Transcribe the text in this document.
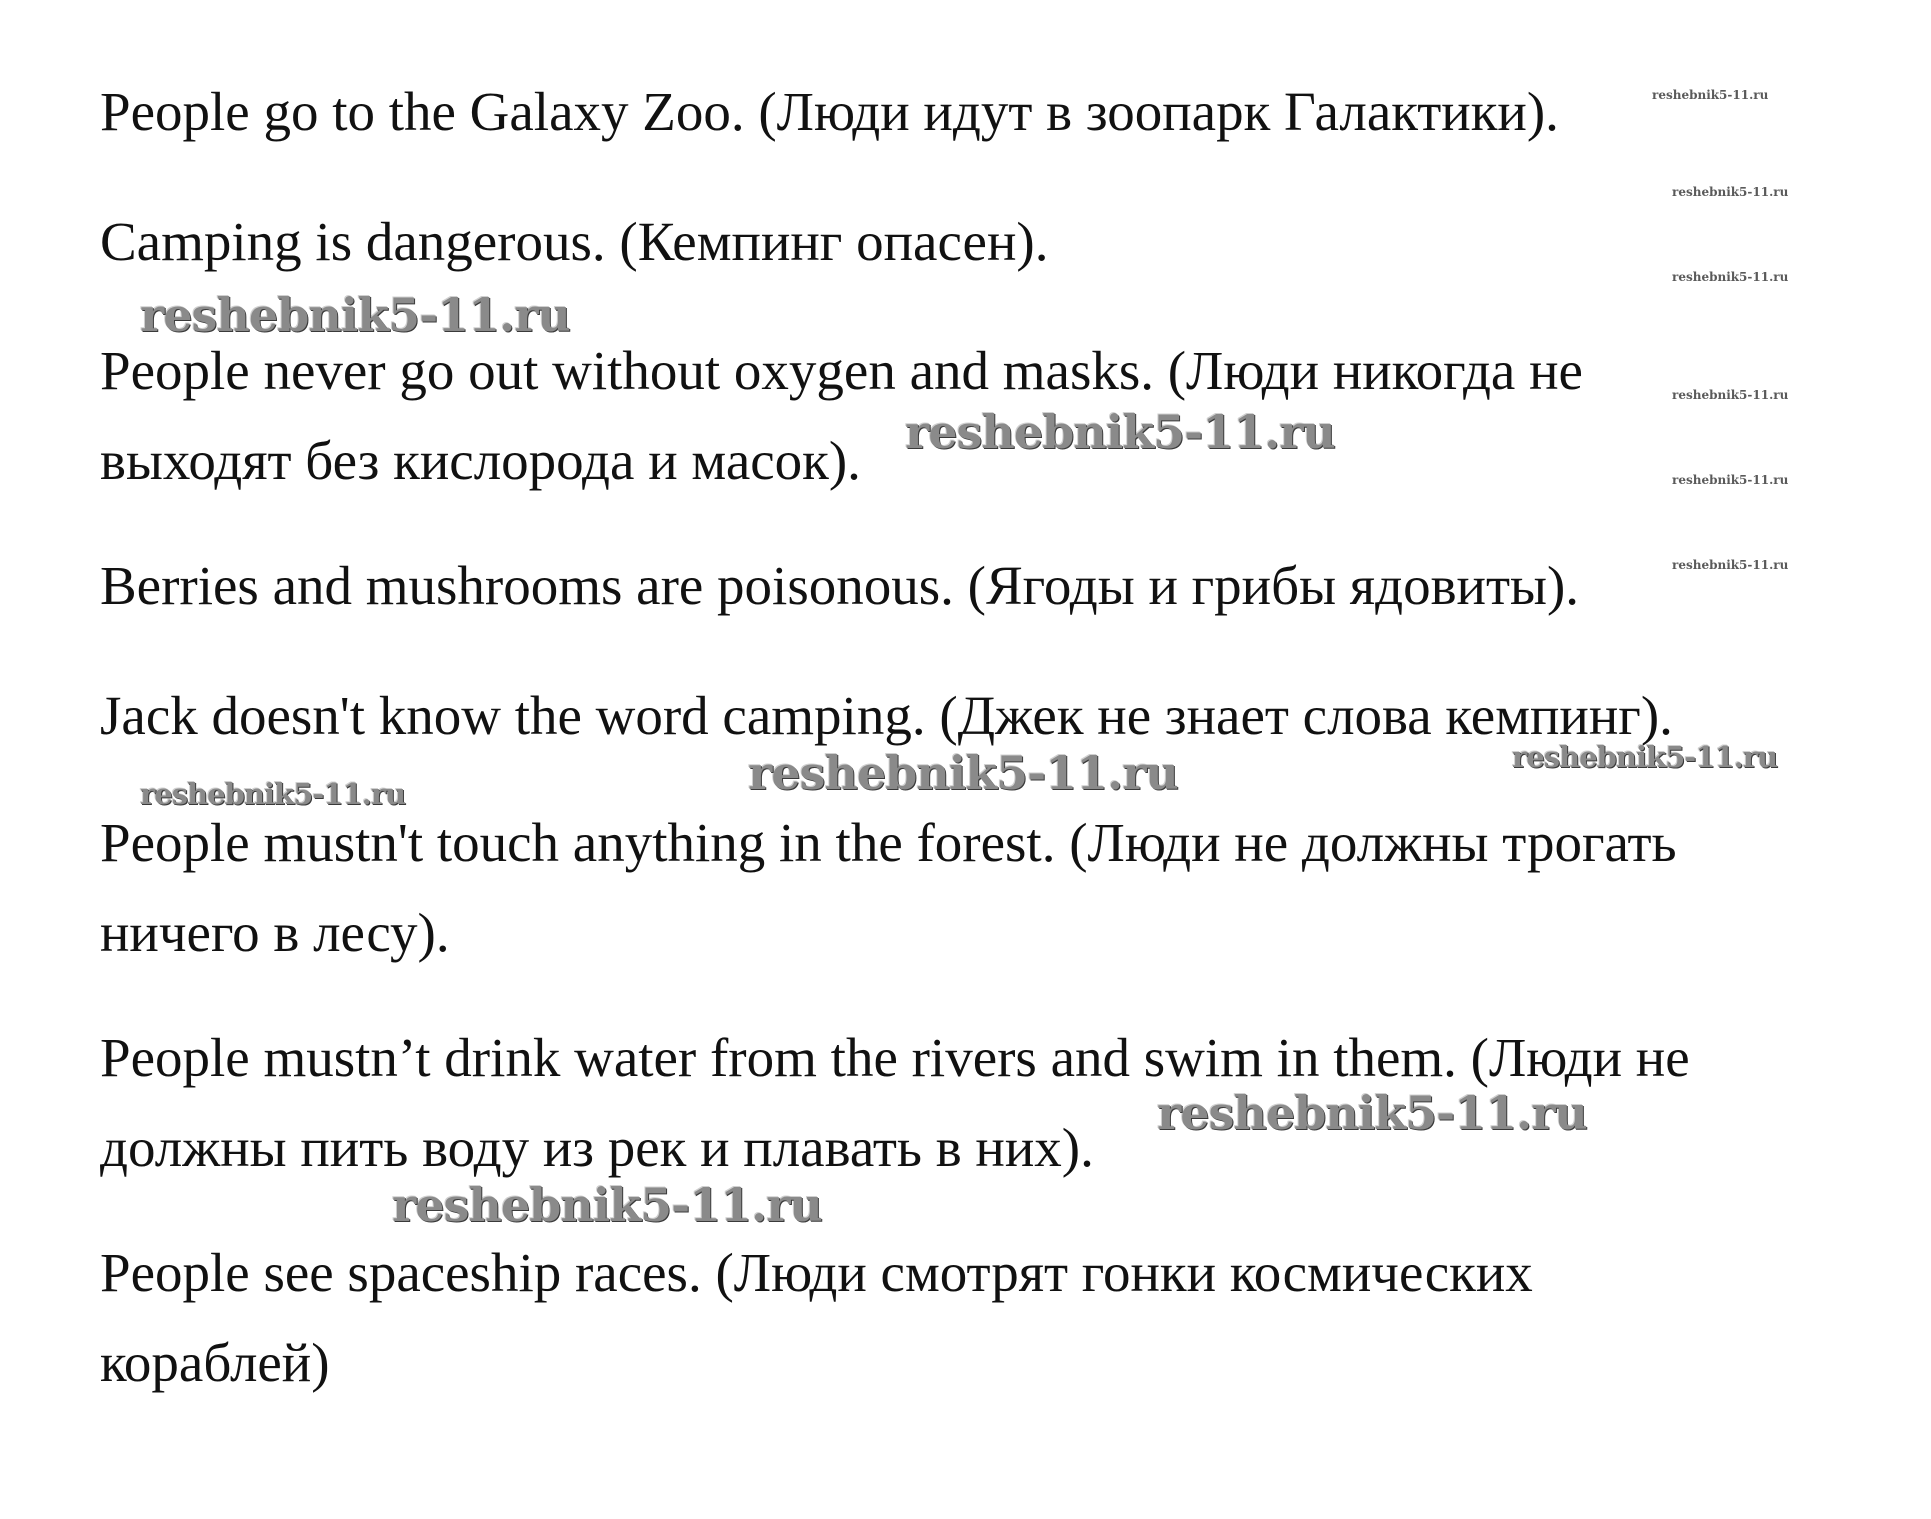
People go to the Galaxy Zoo. (Люди идут в зоопарк Галактики).

Camping is dangerous. (Кемпинг опасен).

People never go out without oxygen and masks. (Люди никогда не

выходят без кислорода и масок).

Berries and mushrooms are poisonous. (Ягоды и грибы ядовиты).

Jack doesn't know the word camping. (Джек не знает слова кемпинг).

People mustn't touch anything in the forest. (Люди не должны трогать

ничего в лесу).

People mustn’t drink water from the rivers and swim in them. (Люди не

должны пить воду из рек и плавать в них).

People see spaceship races. (Люди смотрят гонки космических

кораблей)

reshebnik5-11.ru
reshebnik5-11.ru
reshebnik5-11.ru
reshebnik5-11.ru
reshebnik5-11.ru
reshebnik5-11.ru
reshebnik5-11.ru
reshebnik5-11.ru
reshebnik5-11.ru	reshebnik5-11.ru
reshebnik5-11.ru
reshebnik5-11.ru
reshebnik5-11.ru
